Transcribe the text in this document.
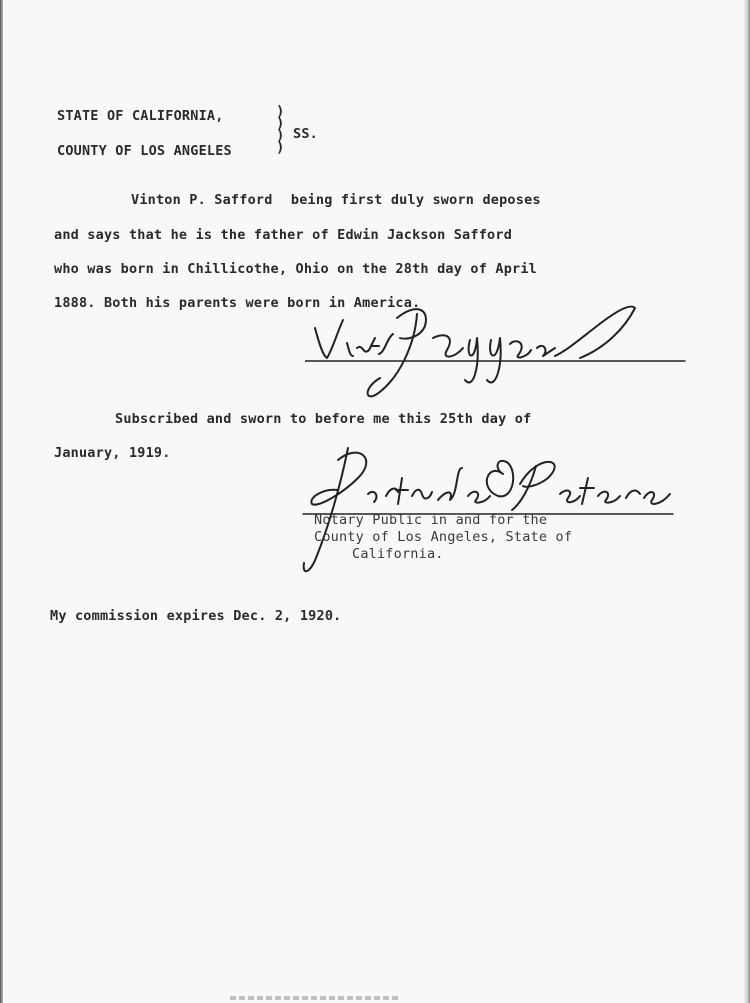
STATE OF CALIFORNIA,
COUNTY OF LOS ANGELES
)
)
)
)
SS.
Vinton P. Safford being first duly sworn deposes
and says that he is the father of Edwin Jackson Safford
who was born in Chillicothe, Ohio on the 28th day of April
1888. Both his parents were born in America.
Subscribed and sworn to before me this 25th day of
January, 1919.
Notary Public in and for the
County of Los Angeles, State of
California.
My commission expires Dec. 2, 1920.
